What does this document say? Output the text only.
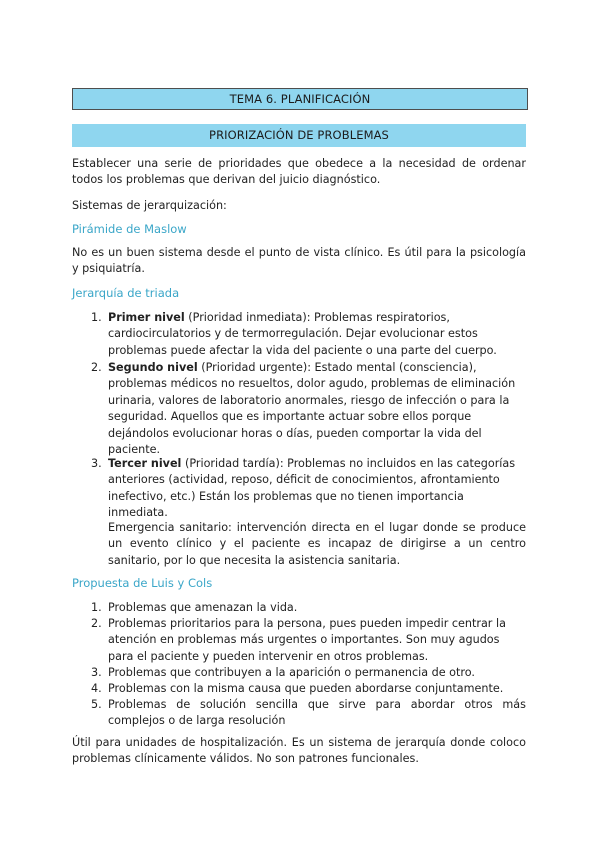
TEMA 6. PLANIFICACIÓN
PRIORIZACIÓN DE PROBLEMAS

Establecer una serie de prioridades que obedece a la necesidad de ordenar todos los problemas que derivan del juicio diagnóstico.

Sistemas de jerarquización:

Pirámide de Maslow

No es un buen sistema desde el punto de vista clínico. Es útil para la psicología y psiquiatría.

Jerarquía de triada
1. Primer nivel (Prioridad inmediata): Problemas respiratorios, cardiocirculatorios y de termorregulación. Dejar evolucionar estos problemas puede afectar la vida del paciente o una parte del cuerpo.

2. Segundo nivel (Prioridad urgente): Estado mental (consciencia), problemas médicos no resueltos, dolor agudo, problemas de eliminación urinaria, valores de laboratorio anormales, riesgo de infección o para la seguridad. Aquellos que es importante actuar sobre ellos porque dejándolos evolucionar horas o días, pueden comportar la vida del paciente.

3. Tercer nivel (Prioridad tardía): Problemas no incluidos en las categorías anteriores (actividad, reposo, déficit de conocimientos, afrontamiento inefectivo, etc.) Están los problemas que no tienen importancia inmediata.

Emergencia sanitario: intervención directa en el lugar donde se produce un evento clínico y el paciente es incapaz de dirigirse a un centro sanitario, por lo que necesita la asistencia sanitaria.

Propuesta de Luis y Cols
1. Problemas que amenazan la vida.

2. Problemas prioritarios para la persona, pues pueden impedir centrar la atención en problemas más urgentes o importantes. Son muy agudos para el paciente y pueden intervenir en otros problemas.

3. Problemas que contribuyen a la aparición o permanencia de otro.

4. Problemas con la misma causa que pueden abordarse conjuntamente.

5. Problemas de solución sencilla que sirve para abordar otros más complejos o de larga resolución

Útil para unidades de hospitalización. Es un sistema de jerarquía donde coloco problemas clínicamente válidos. No son patrones funcionales.
